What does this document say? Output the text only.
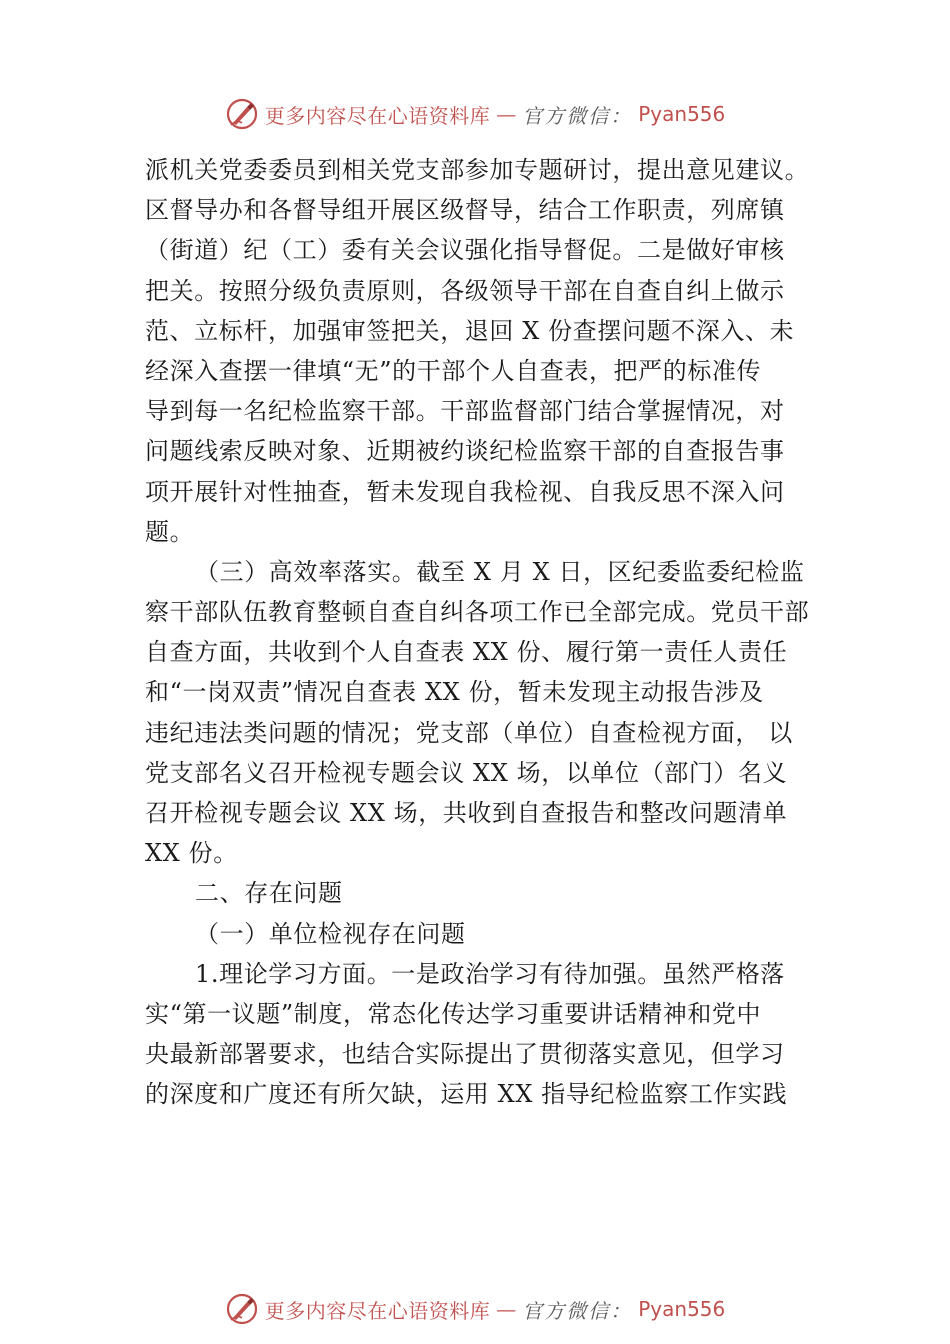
更多内容尽在心语资料库 — 官方微信： Pyan556
派机关党委委员到相关党支部参加专题研讨，提出意见建议。
区督导办和各督导组开展区级督导，结合工作职责，列席镇
（街道）纪（工）委有关会议强化指导督促。二是做好审核
把关。按照分级负责原则，各级领导干部在自查自纠上做示
范、立标杆，加强审签把关，退回 X 份查摆问题不深入、未
经深入查摆一律填“无”的干部个人自查表，把严的标准传
导到每一名纪检监察干部。干部监督部门结合掌握情况，对
问题线索反映对象、近期被约谈纪检监察干部的自查报告事
项开展针对性抽查，暂未发现自我检视、自我反思不深入问
题。
（三）高效率落实。截至 X 月 X 日，区纪委监委纪检监
察干部队伍教育整顿自查自纠各项工作已全部完成。党员干部
自查方面，共收到个人自查表 XX 份、履行第一责任人责任
和“一岗双责”情况自查表 XX 份，暂未发现主动报告涉及
违纪违法类问题的情况；党支部（单位）自查检视方面， 以
党支部名义召开检视专题会议 XX 场，以单位（部门）名义
召开检视专题会议 XX 场，共收到自查报告和整改问题清单
XX 份。
二、存在问题
（一）单位检视存在问题
1.理论学习方面。一是政治学习有待加强。虽然严格落
实“第一议题”制度，常态化传达学习重要讲话精神和党中
央最新部署要求，也结合实际提出了贯彻落实意见，但学习
的深度和广度还有所欠缺，运用 XX 指导纪检监察工作实践
更多内容尽在心语资料库 — 官方微信： Pyan556
